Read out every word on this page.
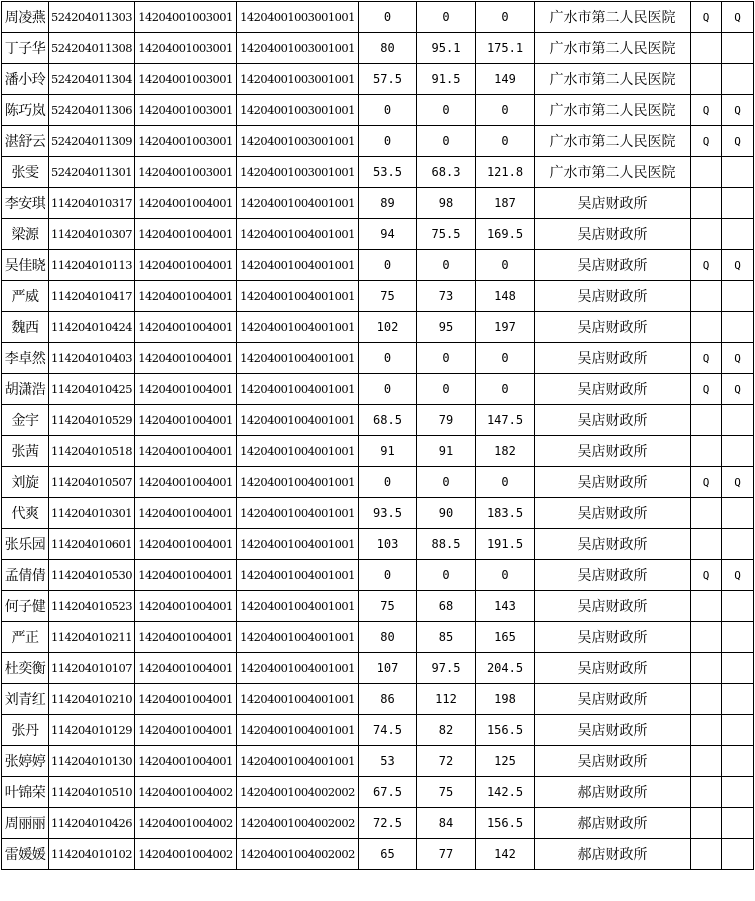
周凌燕	524204011303	14204001003001	14204001003001001	0	0	0	广水市第二人民医院	Q	Q
丁子华	524204011308	14204001003001	14204001003001001	80	95.1	175.1	广水市第二人民医院		
潘小玲	524204011304	14204001003001	14204001003001001	57.5	91.5	149	广水市第二人民医院		
陈巧岚	524204011306	14204001003001	14204001003001001	0	0	0	广水市第二人民医院	Q	Q
湛舒云	524204011309	14204001003001	14204001003001001	0	0	0	广水市第二人民医院	Q	Q
张雯	524204011301	14204001003001	14204001003001001	53.5	68.3	121.8	广水市第二人民医院		
李安琪	114204010317	14204001004001	14204001004001001	89	98	187	吴店财政所		
梁源	114204010307	14204001004001	14204001004001001	94	75.5	169.5	吴店财政所		
吴佳晓	114204010113	14204001004001	14204001004001001	0	0	0	吴店财政所	Q	Q
严威	114204010417	14204001004001	14204001004001001	75	73	148	吴店财政所		
魏西	114204010424	14204001004001	14204001004001001	102	95	197	吴店财政所		
李卓然	114204010403	14204001004001	14204001004001001	0	0	0	吴店财政所	Q	Q
胡潇浩	114204010425	14204001004001	14204001004001001	0	0	0	吴店财政所	Q	Q
金宇	114204010529	14204001004001	14204001004001001	68.5	79	147.5	吴店财政所		
张茜	114204010518	14204001004001	14204001004001001	91	91	182	吴店财政所		
刘旋	114204010507	14204001004001	14204001004001001	0	0	0	吴店财政所	Q	Q
代爽	114204010301	14204001004001	14204001004001001	93.5	90	183.5	吴店财政所		
张乐园	114204010601	14204001004001	14204001004001001	103	88.5	191.5	吴店财政所		
孟倩倩	114204010530	14204001004001	14204001004001001	0	0	0	吴店财政所	Q	Q
何子健	114204010523	14204001004001	14204001004001001	75	68	143	吴店财政所		
严正	114204010211	14204001004001	14204001004001001	80	85	165	吴店财政所		
杜奕衡	114204010107	14204001004001	14204001004001001	107	97.5	204.5	吴店财政所		
刘青红	114204010210	14204001004001	14204001004001001	86	112	198	吴店财政所		
张丹	114204010129	14204001004001	14204001004001001	74.5	82	156.5	吴店财政所		
张婷婷	114204010130	14204001004001	14204001004001001	53	72	125	吴店财政所		
叶锦荣	114204010510	14204001004002	14204001004002002	67.5	75	142.5	郝店财政所		
周丽丽	114204010426	14204001004002	14204001004002002	72.5	84	156.5	郝店财政所		
雷媛媛	114204010102	14204001004002	14204001004002002	65	77	142	郝店财政所		
